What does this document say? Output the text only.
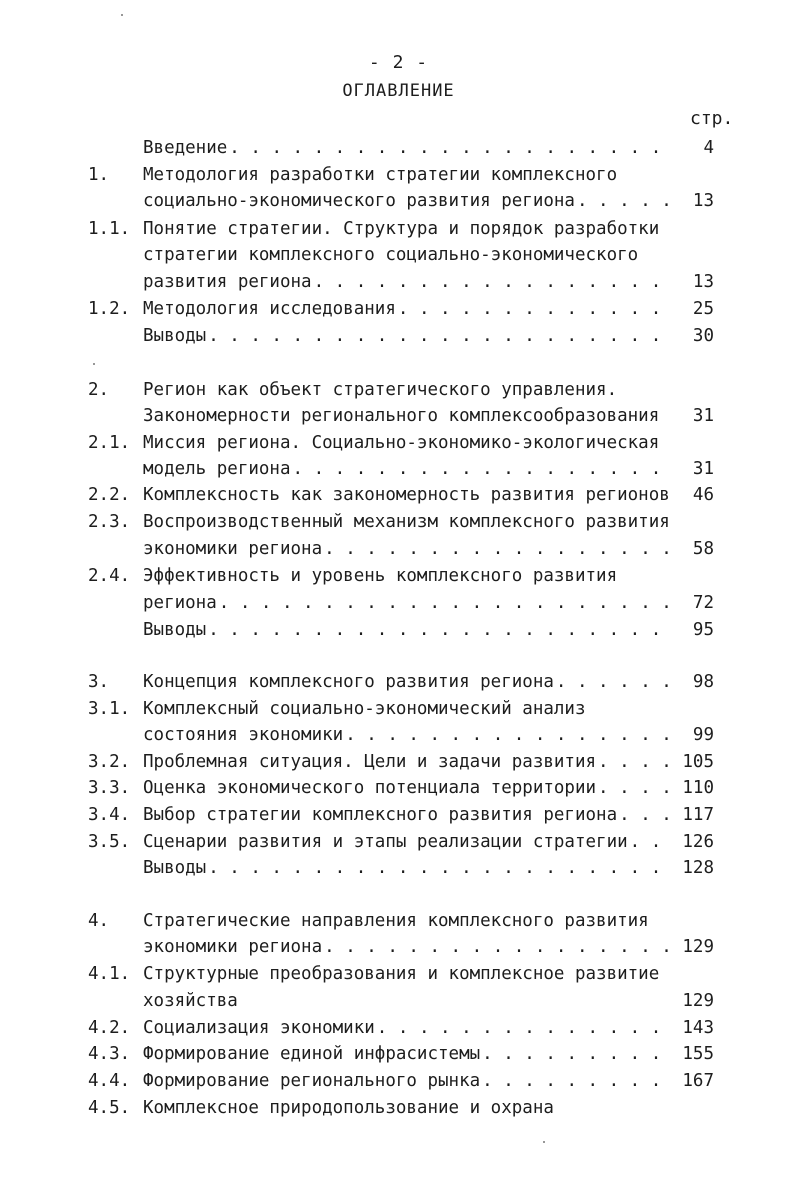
- 2 -
ОГЛАВЛЕНИЕ
стр.
Введение . . .	4
1.	Методология разработки стратегии комплексного
социально-экономического развития региона . . .	13
1.1. Понятие стратегии. Структура и порядок разработки
стратегии комплексного социально-экономического
развития региона . . .	13
1.2. Методология исследования . . .	25
Выводы . . .	30
2.	Регион как объект стратегического управления.
Закономерности регионального комплексообразования	31
2.1. Миссия региона. Социально-экономико-экологическая
модель региона . . .	31
2.2. Комплексность как закономерность развития регионов	46
2.3. Воспроизводственный механизм комплексного развития
экономики региона . . .	58
2.4. Эффективность и уровень комплексного развития
региона . . .	72
Выводы . . .	95
3.	Концепция комплексного развития региона . . .	98
3.1. Комплексный социально-экономический анализ
состояния экономики . . .	99
3.2. Проблемная ситуация. Цели и задачи развития . . .	105
3.3. Оценка экономического потенциала территории . . .	110
3.4. Выбор стратегии комплексного развития региона . . .	117
3.5. Сценарии развития и этапы реализации стратегии . . .	126
Выводы . . .	128
4.	Стратегические направления комплексного развития
экономики региона . . .	129
4.1. Структурные преобразования и комплексное развитие
хозяйства	129
4.2. Социализация экономики . . .	143
4.3. Формирование единой инфрасистемы . . .	155
4.4. Формирование регионального рынка . . .	167
4.5. Комплексное природопользование и охрана
